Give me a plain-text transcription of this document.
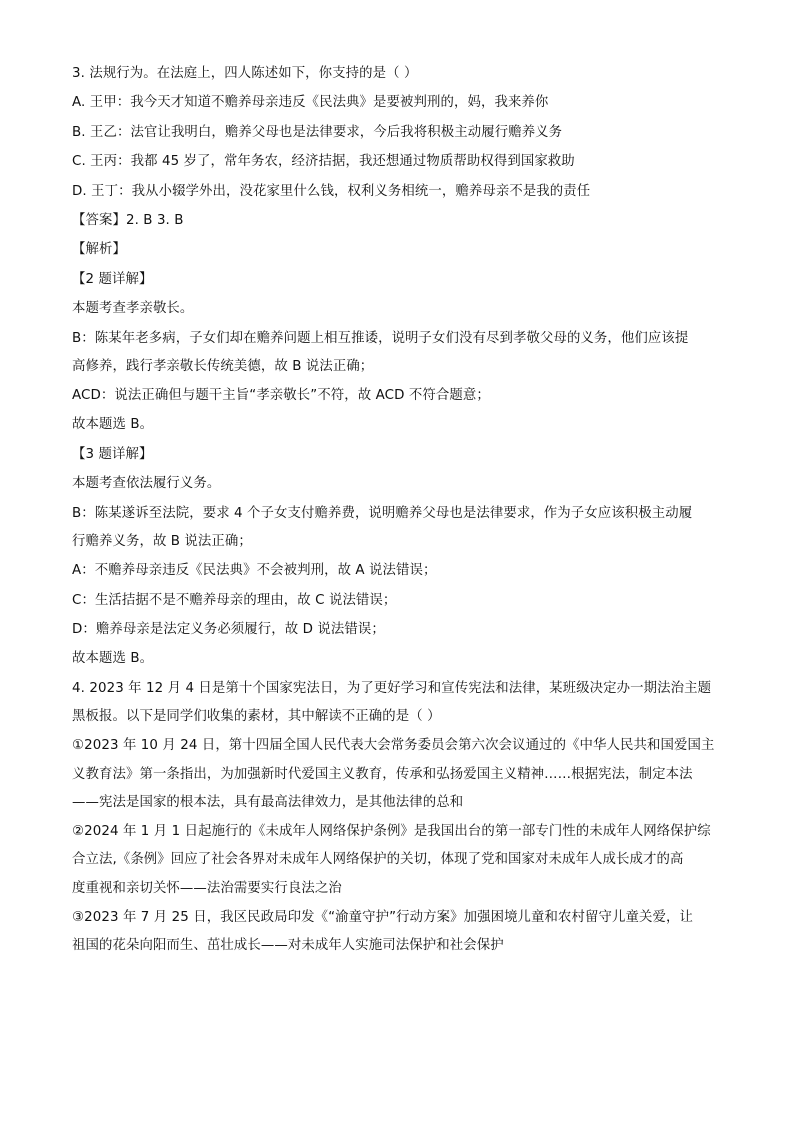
3. 法规行为。在法庭上，四人陈述如下，你支持的是（ ）
A. 王甲：我今天才知道不赡养母亲违反《民法典》是要被判刑的，妈，我来养你
B. 王乙：法官让我明白，赡养父母也是法律要求，今后我将积极主动履行赡养义务
C. 王丙：我都 45 岁了，常年务农，经济拮据，我还想通过物质帮助权得到国家救助
D. 王丁：我从小辍学外出，没花家里什么钱，权利义务相统一，赡养母亲不是我的责任
【答案】2. B 3. B
【解析】
【2 题详解】
本题考查孝亲敬长。
B：陈某年老多病，子女们却在赡养问题上相互推诿，说明子女们没有尽到孝敬父母的义务，他们应该提
高修养，践行孝亲敬长传统美德，故 B 说法正确；
ACD：说法正确但与题干主旨“孝亲敬长”不符，故 ACD 不符合题意；
故本题选 B。
【3 题详解】
本题考查依法履行义务。
B：陈某遂诉至法院，要求 4 个子女支付赡养费，说明赡养父母也是法律要求，作为子女应该积极主动履
行赡养义务，故 B 说法正确；
A：不赡养母亲违反《民法典》不会被判刑，故 A 说法错误；
C：生活拮据不是不赡养母亲的理由，故 C 说法错误；
D：赡养母亲是法定义务必须履行，故 D 说法错误；
故本题选 B。
4. 2023 年 12 月 4 日是第十个国家宪法日，为了更好学习和宣传宪法和法律，某班级决定办一期法治主题
黑板报。以下是同学们收集的素材，其中解读不正确的是（ ）
①2023 年 10 月 24 日，第十四届全国人民代表大会常务委员会第六次会议通过的《中华人民共和国爱国主
义教育法》第一条指出，为加强新时代爱国主义教育，传承和弘扬爱国主义精神……根据宪法，制定本法
——宪法是国家的根本法，具有最高法律效力，是其他法律的总和
②2024 年 1 月 1 日起施行的《未成年人网络保护条例》是我国出台的第一部专门性的未成年人网络保护综
合立法,《条例》回应了社会各界对未成年人网络保护的关切，体现了党和国家对未成年人成长成才的高
度重视和亲切关怀——法治需要实行良法之治
③2023 年 7 月 25 日，我区民政局印发《“渝童守护”行动方案》加强困境儿童和农村留守儿童关爱，让
祖国的花朵向阳而生、茁壮成长——对未成年人实施司法保护和社会保护
